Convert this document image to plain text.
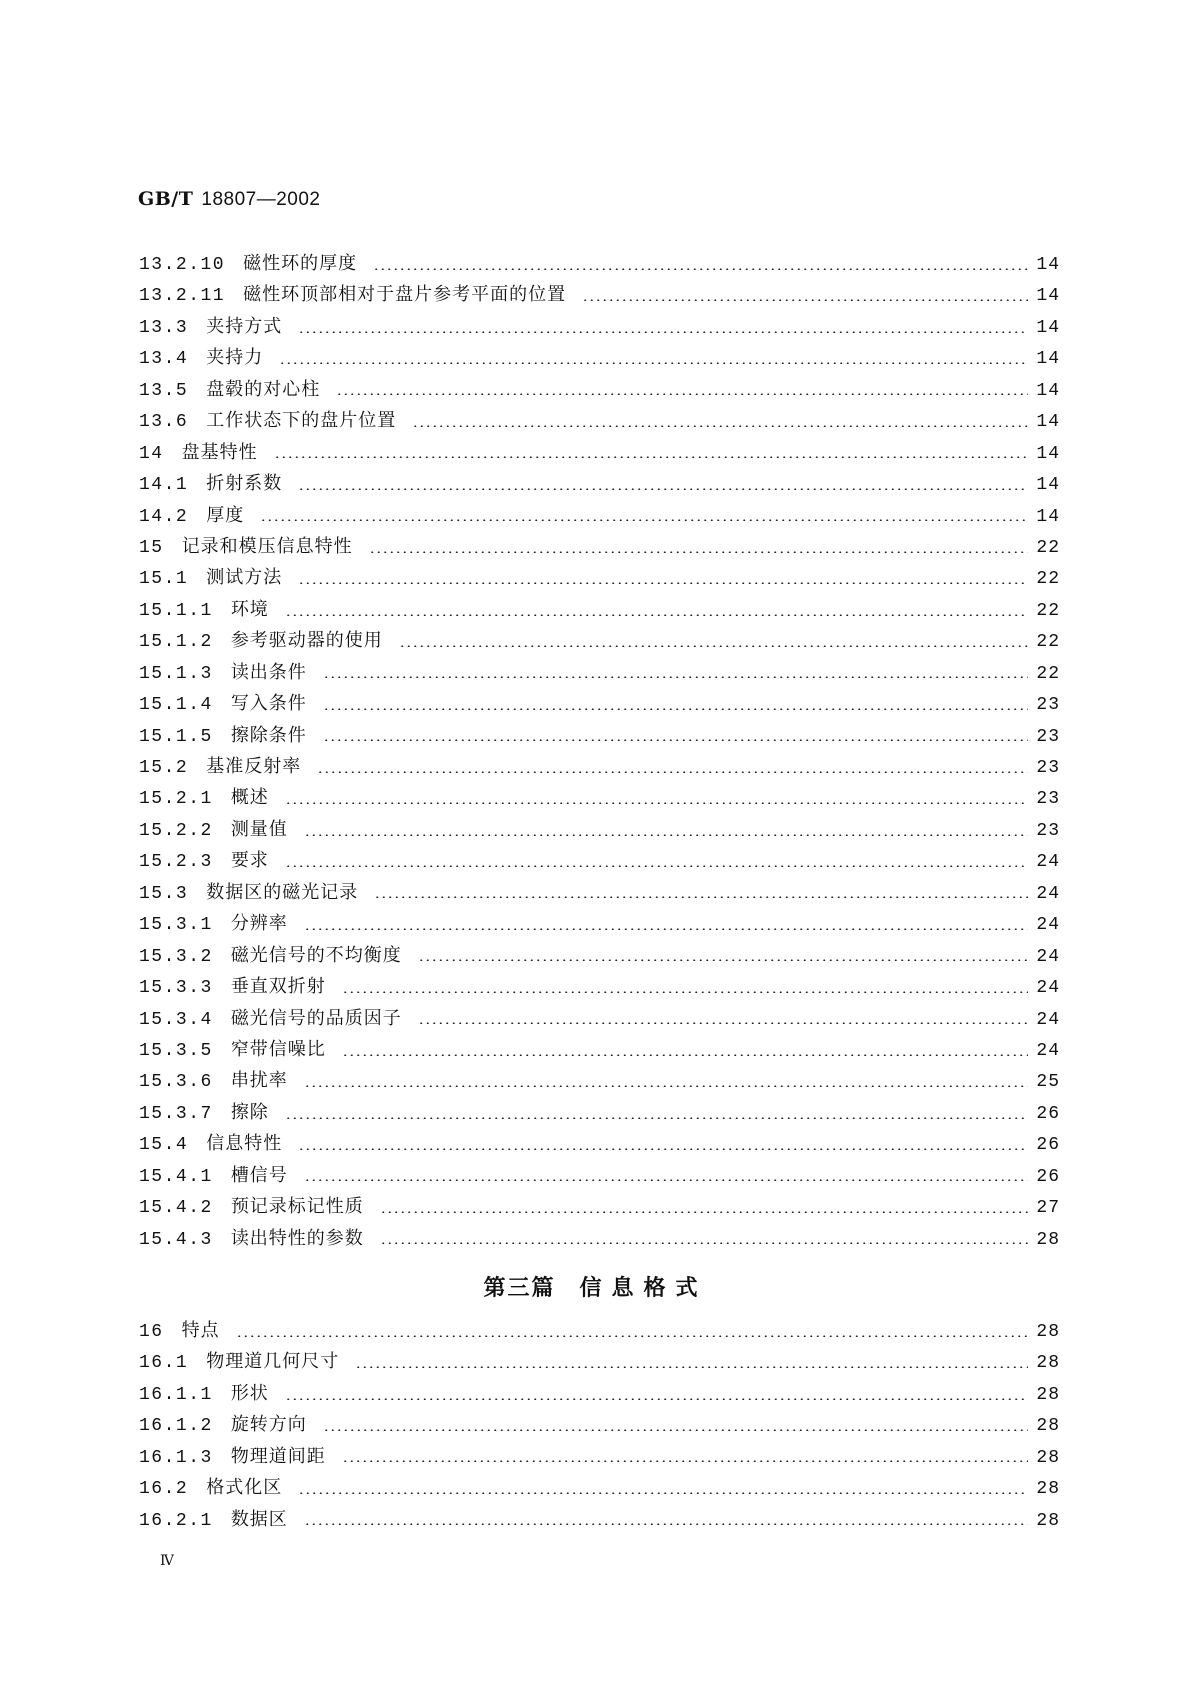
GB/T 18807—2002
13.2.10 磁性环的厚度	14
13.2.11 磁性环顶部相对于盘片参考平面的位置	14
13.3 夹持方式	14
13.4 夹持力	14
13.5 盘毂的对心柱	14
13.6 工作状态下的盘片位置	14
14 盘基特性	14
14.1 折射系数	14
14.2 厚度	14
15 记录和模压信息特性	22
15.1 测试方法	22
15.1.1 环境	22
15.1.2 参考驱动器的使用	22
15.1.3 读出条件	22
15.1.4 写入条件	23
15.1.5 擦除条件	23
15.2 基准反射率	23
15.2.1 概述	23
15.2.2 测量值	23
15.2.3 要求	24
15.3 数据区的磁光记录	24
15.3.1 分辨率	24
15.3.2 磁光信号的不均衡度	24
15.3.3 垂直双折射	24
15.3.4 磁光信号的品质因子	24
15.3.5 窄带信噪比	24
15.3.6 串扰率	25
15.3.7 擦除	26
15.4 信息特性	26
15.4.1 槽信号	26
15.4.2 预记录标记性质	27
15.4.3 读出特性的参数	28
第三篇 信息格式
16 特点	28
16.1 物理道几何尺寸	28
16.1.1 形状	28
16.1.2 旋转方向	28
16.1.3 物理道间距	28
16.2 格式化区	28
16.2.1 数据区	28
Ⅳ
